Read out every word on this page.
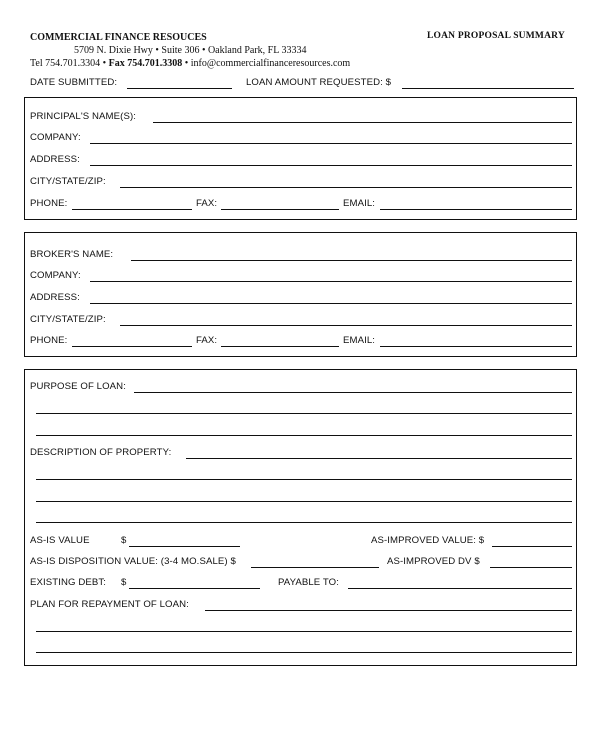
COMMERCIAL FINANCE RESOUCES
5709 N. Dixie Hwy • Suite 306 • Oakland Park, FL 33334
Tel 754.701.3304 • Fax 754.701.3308 • info@commercialfinanceresources.com
LOAN PROPOSAL SUMMARY
DATE SUBMITTED:	LOAN AMOUNT REQUESTED: $
PRINCIPAL'S NAME(S):
COMPANY:
ADDRESS:
CITY/STATE/ZIP:
PHONE:	FAX:	EMAIL:
BROKER'S NAME:
COMPANY:
ADDRESS:
CITY/STATE/ZIP:
PHONE:	FAX:	EMAIL:
PURPOSE OF LOAN:
DESCRIPTION OF PROPERTY:
AS-IS VALUE	$	AS-IMPROVED VALUE: $
AS-IS DISPOSITION VALUE: (3-4 MO.SALE) $	AS-IMPROVED DV $
EXISTING DEBT: $	PAYABLE TO:
PLAN FOR REPAYMENT OF LOAN:
